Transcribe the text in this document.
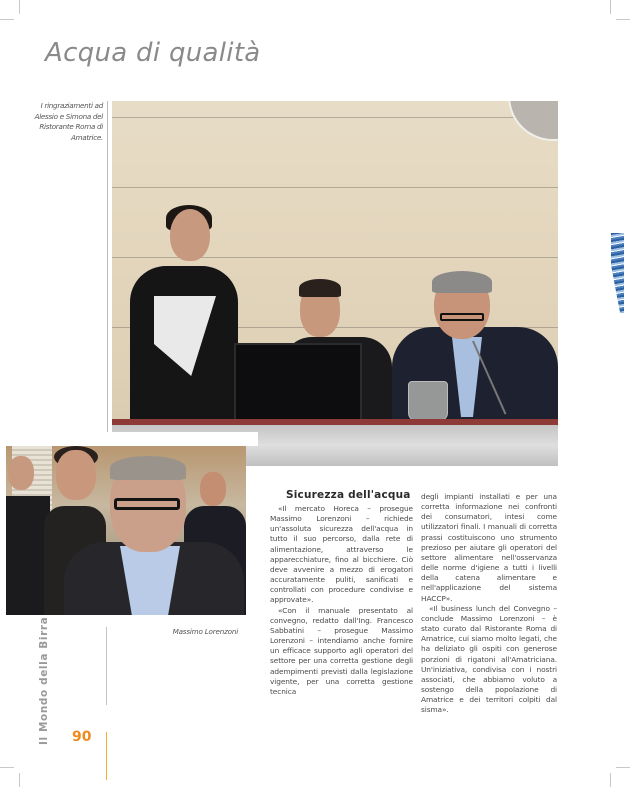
Acqua di qualità
I ringraziamenti ad Alessio e Simona del Ristorante Roma di Amatrice.
Massimo Lorenzoni
Il Mondo della Birra 90
Sicurezza dell'acqua

«Il mercato Horeca – prosegue Massimo Lorenzoni – richiede un'assoluta sicurezza dell'acqua in tutto il suo percorso, dalla rete di alimentazione, attraverso le apparecchiature, fino al bicchiere. Ciò deve avvenire a mezzo di erogatori accuratamente puliti, sanificati e controllati con procedure condivise e approvate».

«Con il manuale presentato al convegno, redatto dall'Ing. Francesco Sabbatini – prosegue Massimo Lorenzoni – intendiamo anche fornire un efficace supporto agli operatori del settore per una corretta gestione degli adempimenti previsti dalla legislazione vigente, per una corretta gestione tecnica

degli impianti installati e per una corretta informazione nei confronti dei consumatori, intesi come utilizzatori finali. I manuali di corretta prassi costituiscono uno strumento prezioso per aiutare gli operatori del settore alimentare nell'osservanza delle norme d'igiene a tutti i livelli della catena alimentare e nell'applicazione del sistema HACCP».

«Il business lunch del Convegno – conclude Massimo Lorenzoni – è stato curato dal Ristorante Roma di Amatrice, cui siamo molto legati, che ha deliziato gli ospiti con generose porzioni di rigatoni all'Amatriciana. Un'iniziativa, condivisa con i nostri associati, che abbiamo voluto a sostengo della popolazione di Amatrice e dei territori colpiti dal sisma».
